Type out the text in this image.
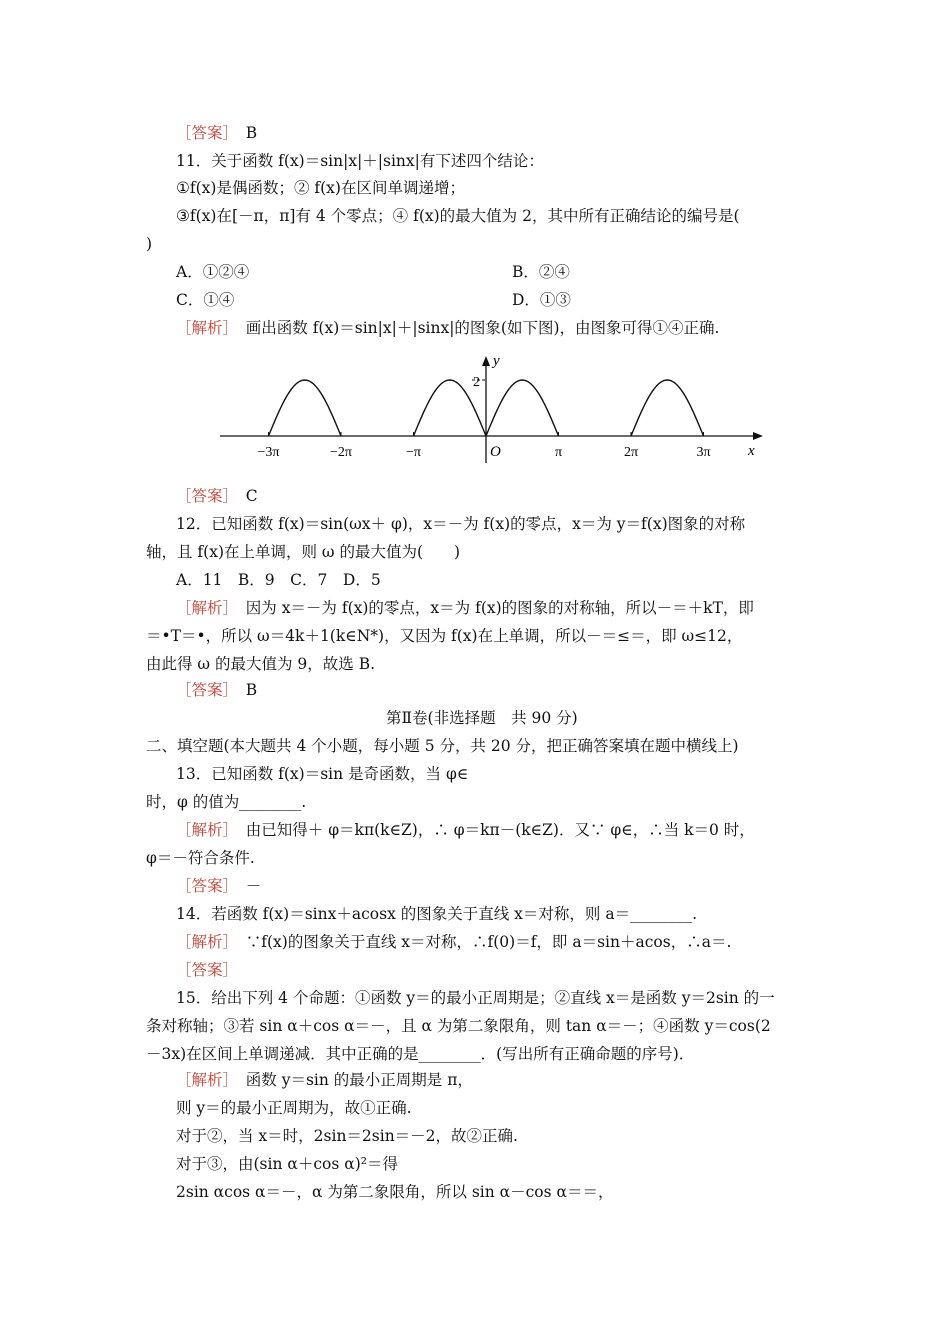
［答案］　B
11．关于函数 f(x)＝sin|x|＋|sinx|有下述四个结论：
①f(x)是偶函数；② f(x)在区间单调递增；
③f(x)在[－π，π]有 4 个零点；④ f(x)的最大值为 2，其中所有正确结论的编号是(
)
A．①②④	B．②④
C．①④	D．①③
［解析］　画出函数 f(x)＝sin|x|＋|sinx|的图象(如下图)，由图象可得①④正确.
−3π	−2π	−π	π	2π	3π
y
x
O
2
［答案］　C
12．已知函数 f(x)＝sin(ωx＋ φ)，x＝－为 f(x)的零点，x＝为 y＝f(x)图象的对称
轴，且 f(x)在上单调，则 ω 的最大值为(　　)
A．11　B．9　C．7　D．5
［解析］　因为 x＝－为 f(x)的零点，x＝为 f(x)的图象的对称轴，所以－＝＋kT，即
＝•T＝•，所以 ω＝4k＋1(k∈N*)，又因为 f(x)在上单调，所以－＝≤＝，即 ω≤12，
由此得 ω 的最大值为 9，故选 B.
［答案］　B
第Ⅱ卷(非选择题　共 90 分)
二、填空题(本大题共 4 个小题，每小题 5 分，共 20 分，把正确答案填在题中横线上)
13．已知函数 f(x)＝sin 是奇函数，当 φ∈
时，φ 的值为________.
［解析］　由已知得＋ φ＝kπ(k∈Z)，∴ φ＝kπ－(k∈Z)．又∵ φ∈，∴当 k＝0 时，
φ＝－符合条件.
［答案］　－
14．若函数 f(x)＝sinx＋acosx 的图象关于直线 x＝对称，则 a＝________.
［解析］　∵f(x)的图象关于直线 x＝对称，∴f(0)＝f，即 a＝sin＋acos，∴a＝.
［答案］
15．给出下列 4 个命题：①函数 y＝的最小正周期是；②直线 x＝是函数 y＝2sin 的一
条对称轴；③若 sin α＋cos α＝－，且 α 为第二象限角，则 tan α＝－；④函数 y＝cos(2
－3x)在区间上单调递减．其中正确的是________．(写出所有正确命题的序号)．
［解析］　函数 y＝sin 的最小正周期是 π，
则 y＝的最小正周期为，故①正确.
对于②，当 x＝时，2sin＝2sin＝－2，故②正确.
对于③，由(sin α＋cos α)²＝得
2sin αcos α＝－，α 为第二象限角，所以 sin α－cos α＝＝，
